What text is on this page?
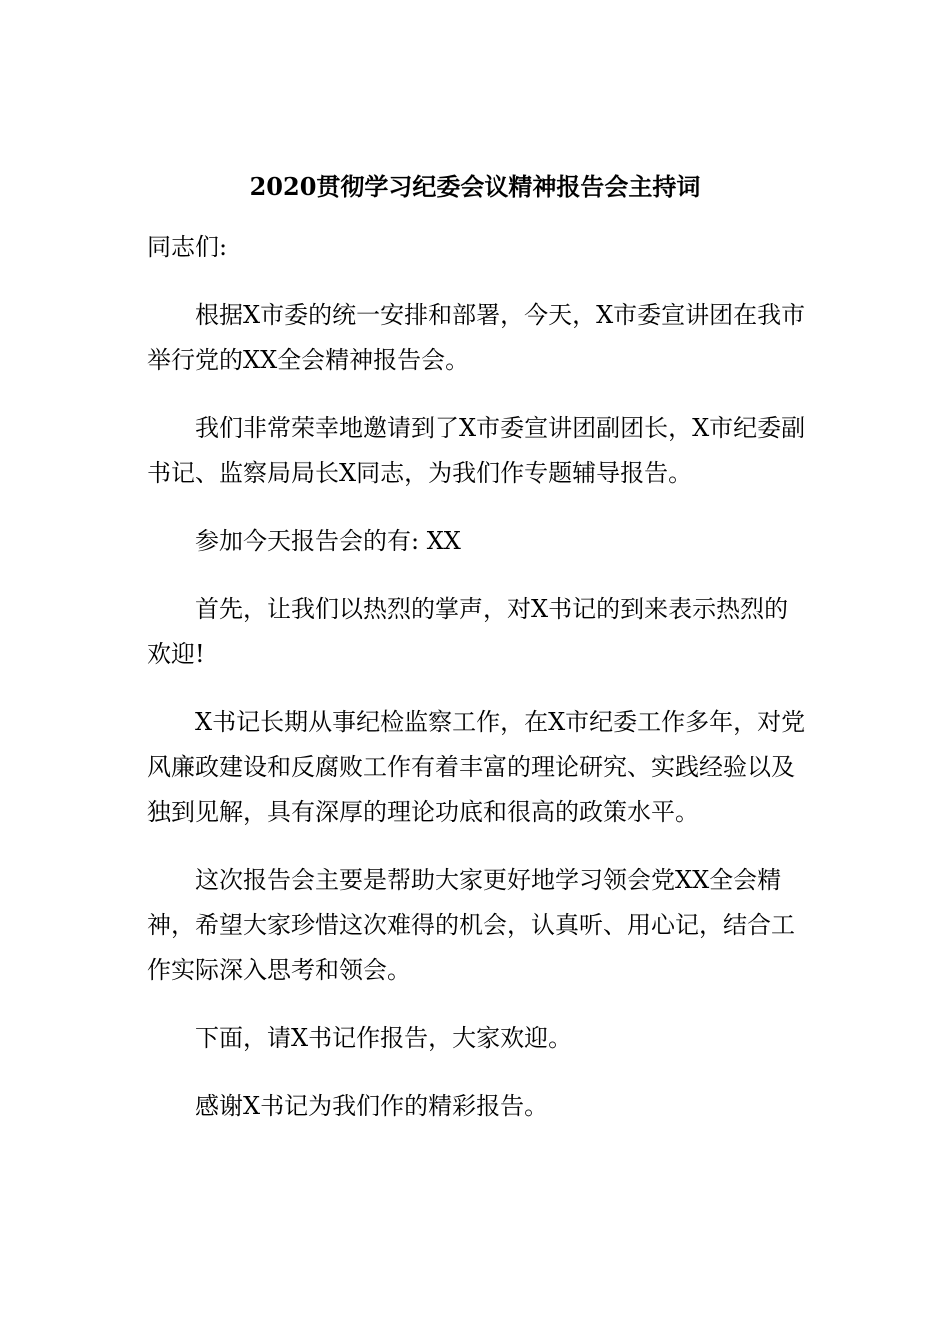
2020贯彻学习纪委会议精神报告会主持词

同志们:

根据X市委的统一安排和部署，今天，X市委宣讲团在我市举行党的XX全会精神报告会。

我们非常荣幸地邀请到了X市委宣讲团副团长，X市纪委副书记、监察局局长X同志，为我们作专题辅导报告。

参加今天报告会的有: XX

首先，让我们以热烈的掌声，对X书记的到来表示热烈的欢迎!

X书记长期从事纪检监察工作，在X市纪委工作多年，对党风廉政建设和反腐败工作有着丰富的理论研究、实践经验以及独到见解，具有深厚的理论功底和很高的政策水平。

这次报告会主要是帮助大家更好地学习领会党XX全会精神，希望大家珍惜这次难得的机会，认真听、用心记，结合工作实际深入思考和领会。

下面，请X书记作报告，大家欢迎。

感谢X书记为我们作的精彩报告。
